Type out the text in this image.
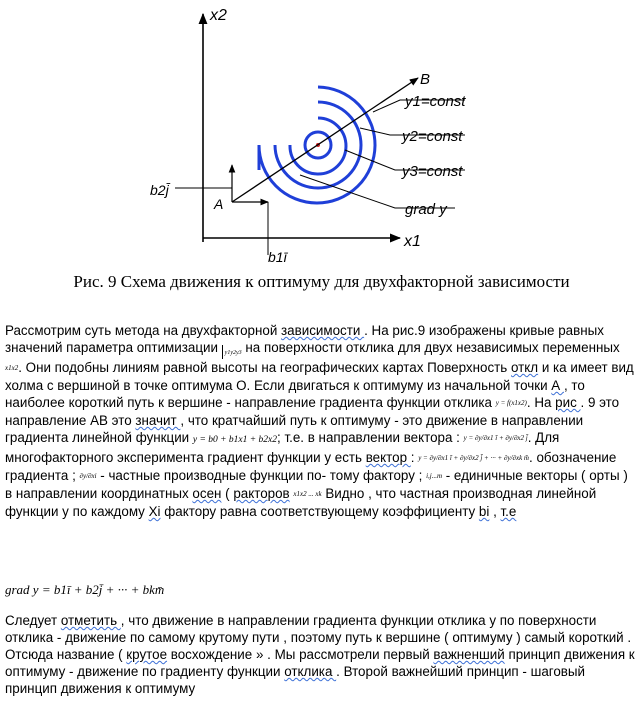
x2
x1
B
A
y1=const
y2=const
y3=const
grad y
b2j̄
b1ī
Рис. 9 Схема движения к оптимуму для двухфакторной зависимости
Рассмотрим суть метода на двухфакторной зависимости . На рис.9 изображены кривые равных значений параметра оптимизации y1y2y3 на поверхности отклика для двух независимых переменных x1x2. Они подобны линиям равной высоты на географических картах Поверхность откл и ка имеет вид холма с вершиной в точке оптимума О. Если двигаться к оптимуму из начальной точки А , то наиболее короткий путь к вершине - направление градиента функции отклика y = f(x1x2). На рис . 9 это направление АВ это значит , что кратчайший путь к оптимуму - это движение в направлении градиента линейной функции y = b0 + b1x1 + b2x2; т.е. в направлении вектора : y = ∂y/∂x1 ī + ∂y/∂x2 j̄. Для многофакторного эксперимента градиент функции у есть вектор : y = ∂y/∂x1 ī + ∂y/∂x2 j̄ + ··· + ∂y/∂xk m̄. обозначение градиента ; ∂y/∂xi - частные производные функции по- тому фактору ; i,j...m - единичные векторы ( орты ) в направлении координатных осен ( ракторов x1x2 ... xk Видно , что частная производная линейной функции у по каждому Xi фактору равна соответствующему коэффициенту bi , т.е
grad y = b1ī + b2j̄ + ··· + bkm̄
Следует отметить , что движение в направлении градиента функции отклика у по поверхности отклика - движение по самому крутому пути , поэтому путь к вершине ( оптимуму ) самый короткий . Отсюда название ( крутое восхождение » . Мы рассмотрели первый важненший принцип движения к оптимуму - движение по градиенту функции отклика . Второй важнейший принцип - шаговый принцип движения к оптимуму
